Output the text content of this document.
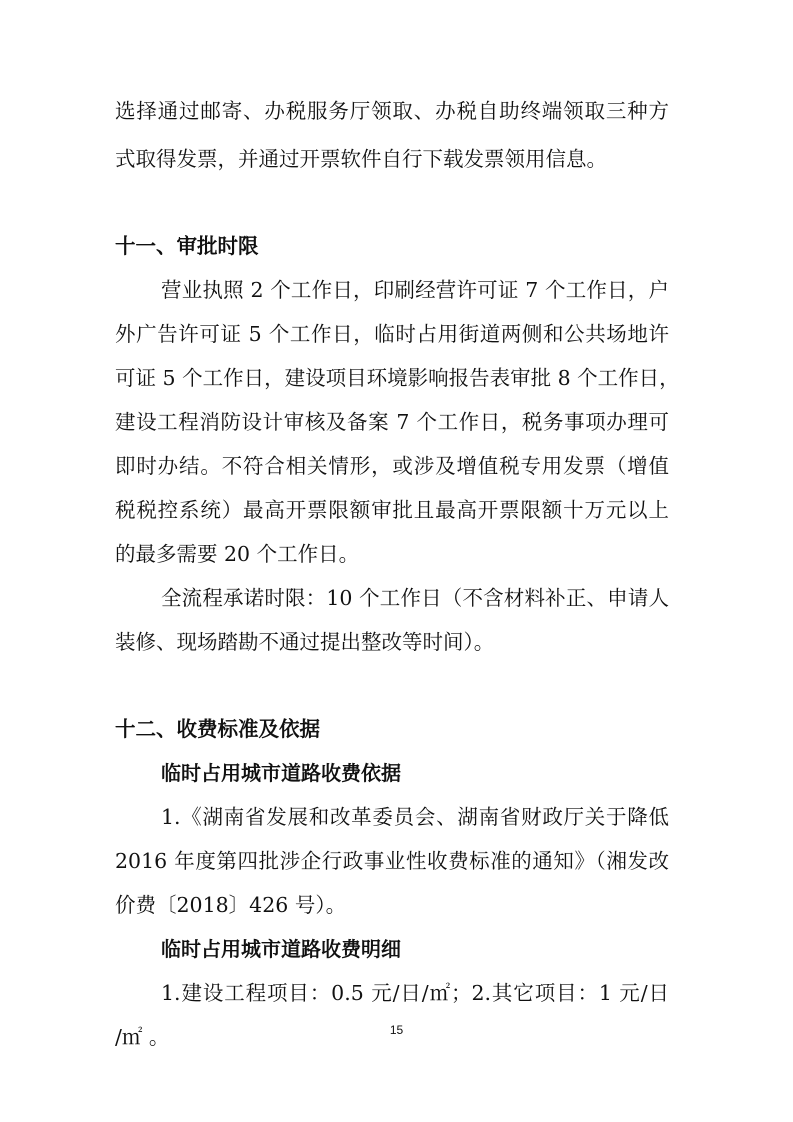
选择通过邮寄、办税服务厅领取、办税自助终端领取三种方

式取得发票，并通过开票软件自行下载发票领用信息。

十一、审批时限

营业执照 2 个工作日，印刷经营许可证 7 个工作日，户

外广告许可证 5 个工作日，临时占用街道两侧和公共场地许

可证 5 个工作日，建设项目环境影响报告表审批 8 个工作日，

建设工程消防设计审核及备案 7 个工作日，税务事项办理可

即时办结。不符合相关情形，或涉及增值税专用发票（增值

税税控系统）最高开票限额审批且最高开票限额十万元以上

的最多需要 20 个工作日。

全流程承诺时限：10 个工作日（不含材料补正、申请人

装修、现场踏勘不通过提出整改等时间）。

十二、收费标准及依据
临时占用城市道路收费依据

1.《湖南省发展和改革委员会、湖南省财政厅关于降低

2016 年度第四批涉企行政事业性收费标准的通知》（湘发改

价费〔2018〕426 号）。

临时占用城市道路收费明细

1.建设工程项目：0.5 元/日/㎡；2.其它项目：1 元/日

/㎡ 。	15
